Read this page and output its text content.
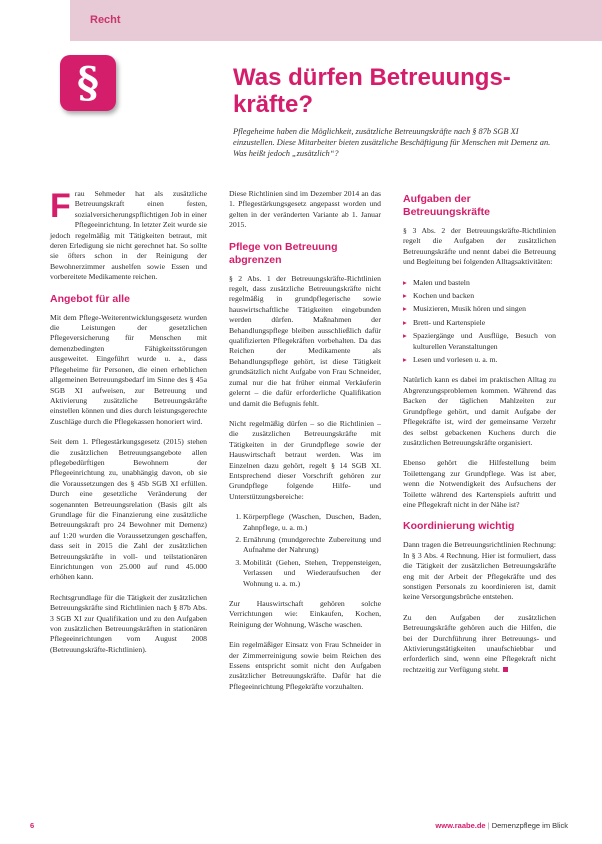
Recht
§	Was dürfen Betreuungs-kräfte?

Pflegeheime haben die Möglichkeit, zusätzliche Betreuungskräfte nach § 87b SGB XI einzustellen. Diese Mitarbeiter bieten zusätzliche Beschäftigung für Menschen mit Demenz an. Was heißt jedoch „zusätzlich“?

Frau Sehmeder hat als zusätzliche Betreuungskraft einen festen, sozialversicherungspflichtigen Job in einer Pflegeeinrichtung. In letzter Zeit wurde sie jedoch regelmäßig mit Tätigkeiten betraut, mit deren Erledigung sie nicht gerechnet hat. So sollte sie öfters schon in der Reinigung der Bewohnerzimmer aushelfen sowie Essen und vorbereitete Medikamente reichen.

Angebot für alle

Mit dem Pflege-Weiterentwicklungsgesetz wurden die Leistungen der gesetzlichen Pflegeversicherung für Menschen mit demenzbedingten Fähigkeitsstörungen ausgeweitet. Eingeführt wurde u. a., dass Pflegeheime für Personen, die einen erheblichen allgemeinen Betreuungsbedarf im Sinne des § 45a SGB XI aufweisen, zur Betreuung und Aktivierung zusätzliche Betreuungskräfte einstellen können und dies durch leistungsgerechte Zuschläge durch die Pflegekassen honoriert wird.

Seit dem 1. Pflegestärkungsgesetz (2015) stehen die zusätzlichen Betreuungsangebote allen pflegebedürftigen Bewohnern der Pflegeeinrichtung zu, unabhängig davon, ob sie die Voraussetzungen des § 45b SGB XI erfüllen. Durch eine gesetzliche Veränderung der sogenannten Betreuungsrelation (Basis gilt als Grundlage für die Finanzierung eine zusätzliche Betreuungskraft pro 24 Bewohner mit Demenz) auf 1:20 wurden die Voraussetzungen geschaffen, dass seit in 2015 die Zahl der zusätzlichen Betreuungskräfte in voll- und teilstationären Einrichtungen von 25.000 auf rund 45.000 erhöhen kann.

Rechtsgrundlage für die Tätigkeit der zusätzlichen Betreuungskräfte sind Richtlinien nach § 87b Abs. 3 SGB XI zur Qualifikation und zu den Aufgaben von zusätzlichen Betreuungskräften in stationären Pflegeeinrichtungen vom August 2008 (Betreuungskräfte-Richtlinien).

Diese Richtlinien sind im Dezember 2014 an das 1. Pflegestärkungsgesetz angepasst worden und gelten in der veränderten Variante ab 1. Januar 2015.

Pflege von Betreuung abgrenzen

§ 2 Abs. 1 der Betreuungskräfte-Richtlinien regelt, dass zusätzliche Betreuungskräfte nicht regelmäßig in grundpflegerische sowie hauswirtschaftliche Tätigkeiten eingebunden werden dürfen. Maßnahmen der Behandlungspflege bleiben ausschließlich dafür qualifizierten Pflegekräften vorbehalten. Da das Reichen der Medikamente als Behandlungspflege gehört, ist diese Tätigkeit grundsätzlich nicht Aufgabe von Frau Schneider, zumal nur die hat früher einmal Verkäuferin gelernt – die dafür erforderliche Qualifikation und damit die Befugnis fehlt.

Nicht regelmäßig dürfen – so die Richtlinien – die zusätzlichen Betreuungskräfte mit Tätigkeiten in der Grundpflege sowie der Hauswirtschaft betraut werden. Was im Einzelnen dazu gehört, regelt § 14 SGB XI. Entsprechend dieser Vorschrift gehören zur Grundpflege folgende Hilfe- und Unterstützungsbereiche:

1. Körperpflege (Waschen, Duschen, Baden, Zahnpflege, u. a. m.)
2. Ernährung (mundgerechte Zubereitung und Aufnahme der Nahrung)
3. Mobilität (Gehen, Stehen, Treppensteigen, Verlassen und Wiederaufsuchen der Wohnung u. a. m.)

Zur Hauswirtschaft gehören solche Verrichtungen wie: Einkaufen, Kochen, Reinigung der Wohnung, Wäsche waschen.

Ein regelmäßiger Einsatz von Frau Schneider in der Zimmerreinigung sowie beim Reichen des Essens entspricht somit nicht den Aufgaben zusätzlicher Betreuungskräfte. Dafür hat die Pflegeeinrichtung Pflegekräfte vorzuhalten.

Aufgaben der Betreuungskräfte

§ 3 Abs. 2 der Betreuungskräfte-Richtlinien regelt die Aufgaben der zusätzlichen Betreuungskräfte und nennt dabei die Betreuung und Begleitung bei folgenden Alltagsaktivitäten:

▸ Malen und basteln
▸ Kochen und backen
▸ Musizieren, Musik hören und singen
▸ Brett- und Kartenspiele
▸ Spaziergänge und Ausflüge, Besuch von kulturellen Veranstaltungen
▸ Lesen und vorlesen u. a. m.

Natürlich kann es dabei im praktischen Alltag zu Abgrenzungsproblemen kommen. Während das Backen der täglichen Mahlzeiten zur Grundpflege gehört, und damit Aufgabe der Pflegekräfte ist, wird der gemeinsame Verzehr des selbst gebackenen Kuchens durch die zusätzlichen Betreuungskräfte organisiert.

Ebenso gehört die Hilfestellung beim Toilettengang zur Grundpflege. Was ist aber, wenn die Notwendigkeit des Aufsuchens der Toilette während des Kartenspiels auftritt und eine Pflegekraft nicht in der Nähe ist?

Koordinierung wichtig

Dann tragen die Betreuungsrichtlinien Rechnung: In § 3 Abs. 4 Rechnung. Hier ist formuliert, dass die Tätigkeit der zusätzlichen Betreuungskräfte eng mit der Arbeit der Pflegekräfte und des sonstigen Personals zu koordinieren ist, damit keine Versorgungsbrüche entstehen.

Zu den Aufgaben der zusätzlichen Betreuungskräfte gehören auch die Hilfen, die bei der Durchführung ihrer Betreuungs- und Aktivierungstätigkeiten unaufschiebbar und erforderlich sind, wenn eine Pflegekraft nicht rechtzeitig zur Verfügung steht.

6	www.raabe.de | Demenzpflege im Blick
